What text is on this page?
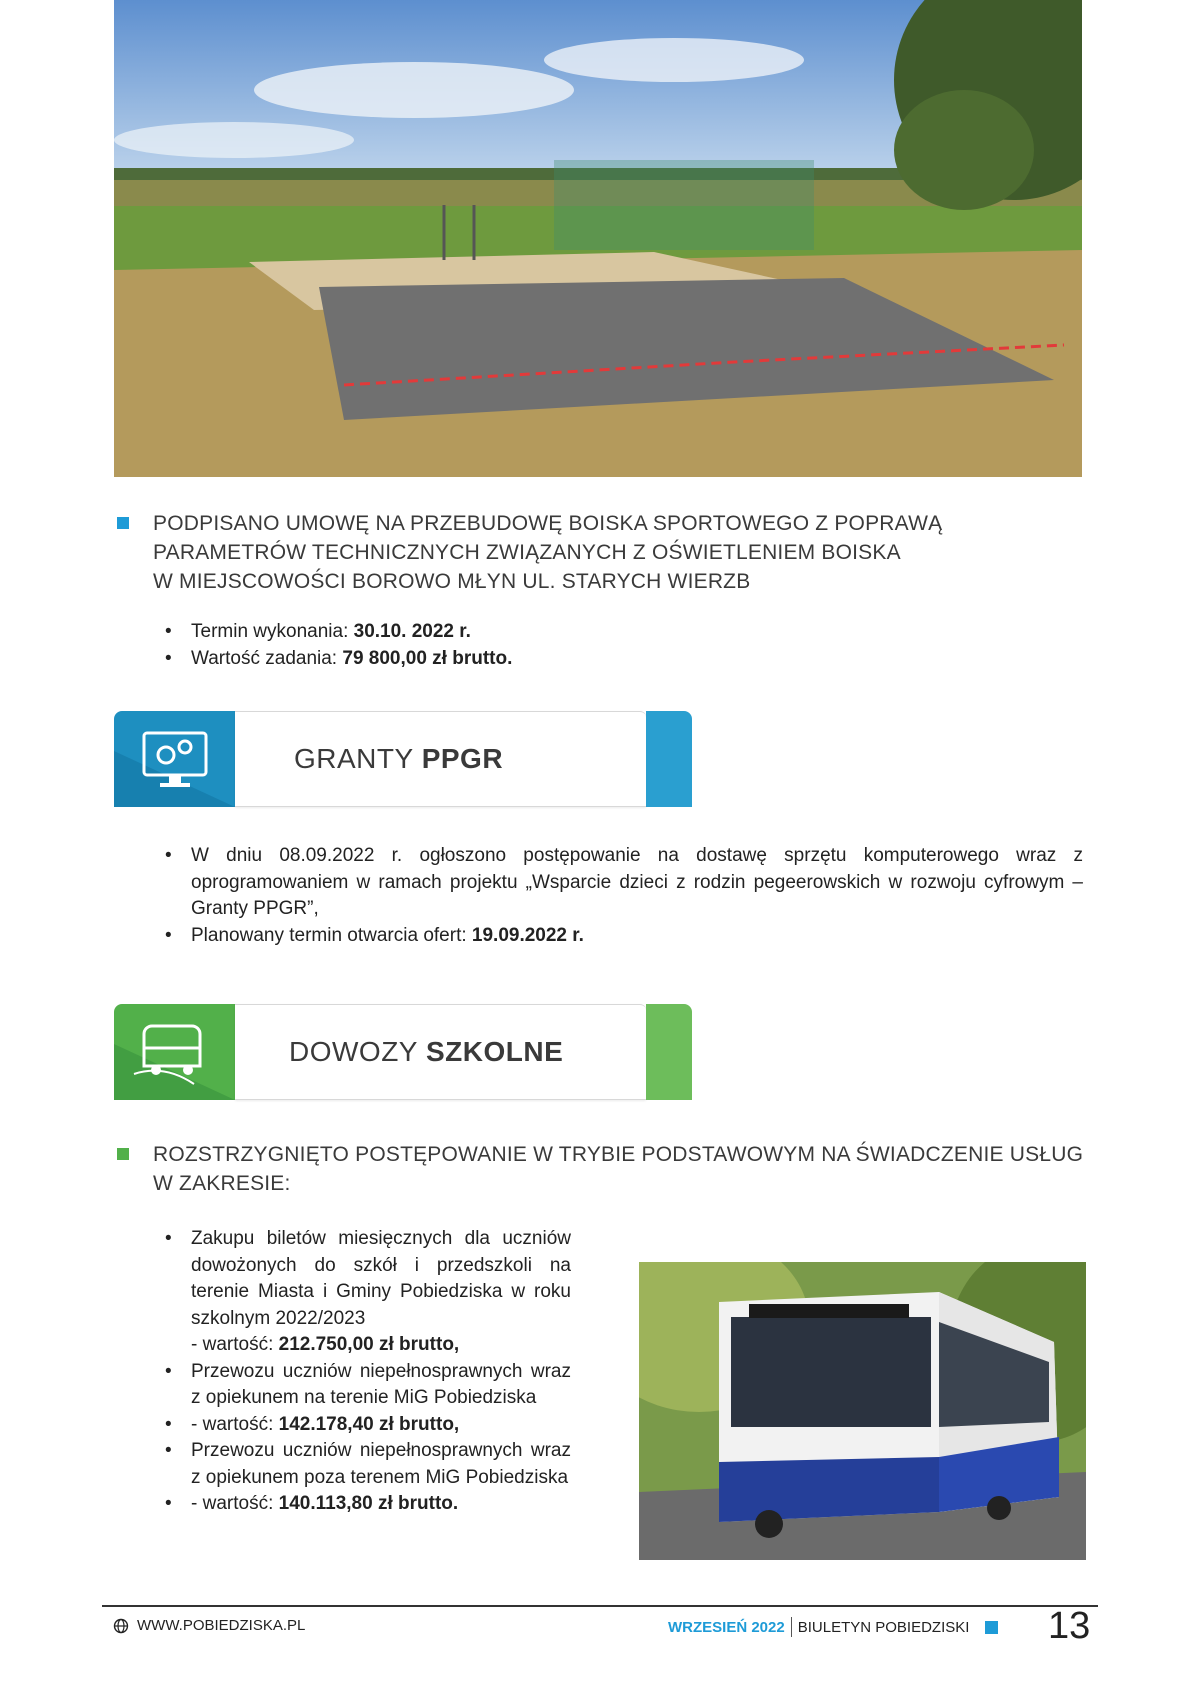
PODPISANO UMOWĘ NA PRZEBUDOWĘ BOISKA SPORTOWEGO Z POPRAWĄ
PARAMETRÓW TECHNICZNYCH ZWIĄZANYCH Z OŚWIETLENIEM BOISKA
W MIEJSCOWOŚCI BOROWO MŁYN UL. STARYCH WIERZB
• Termin wykonania: 30.10. 2022 r.
• Wartość zadania: 79 800,00 zł brutto.
GRANTY PPGR
• W dniu 08.09.2022 r. ogłoszono postępowanie na dostawę sprzętu komputerowego wraz z oprogramowaniem w ramach projektu „Wsparcie dzieci z rodzin pegeerowskich w rozwoju cyfrowym – Granty PPGR”,
• Planowany termin otwarcia ofert: 19.09.2022 r.
DOWOZY SZKOLNE
ROZSTRZYGNIĘTO POSTĘPOWANIE W TRYBIE PODSTAWOWYM NA ŚWIADCZENIE USŁUG
W ZAKRESIE:
• Zakupu biletów miesięcznych dla uczniów dowożonych do szkół i przedszkoli na terenie Miasta i Gminy Pobiedziska w roku szkolnym 2022/2023
- wartość: 212.750,00 zł brutto,
• Przewozu uczniów niepełnosprawnych wraz z opiekunem na terenie MiG Pobiedziska
• - wartość: 142.178,40 zł brutto,
• Przewozu uczniów niepełnosprawnych wraz z opiekunem poza terenem MiG Pobiedziska
• - wartość: 140.113,80 zł brutto.
WWW.POBIEDZISKA.PL	WRZESIEŃ 2022 BIULETYN POBIEDZISKI 13
